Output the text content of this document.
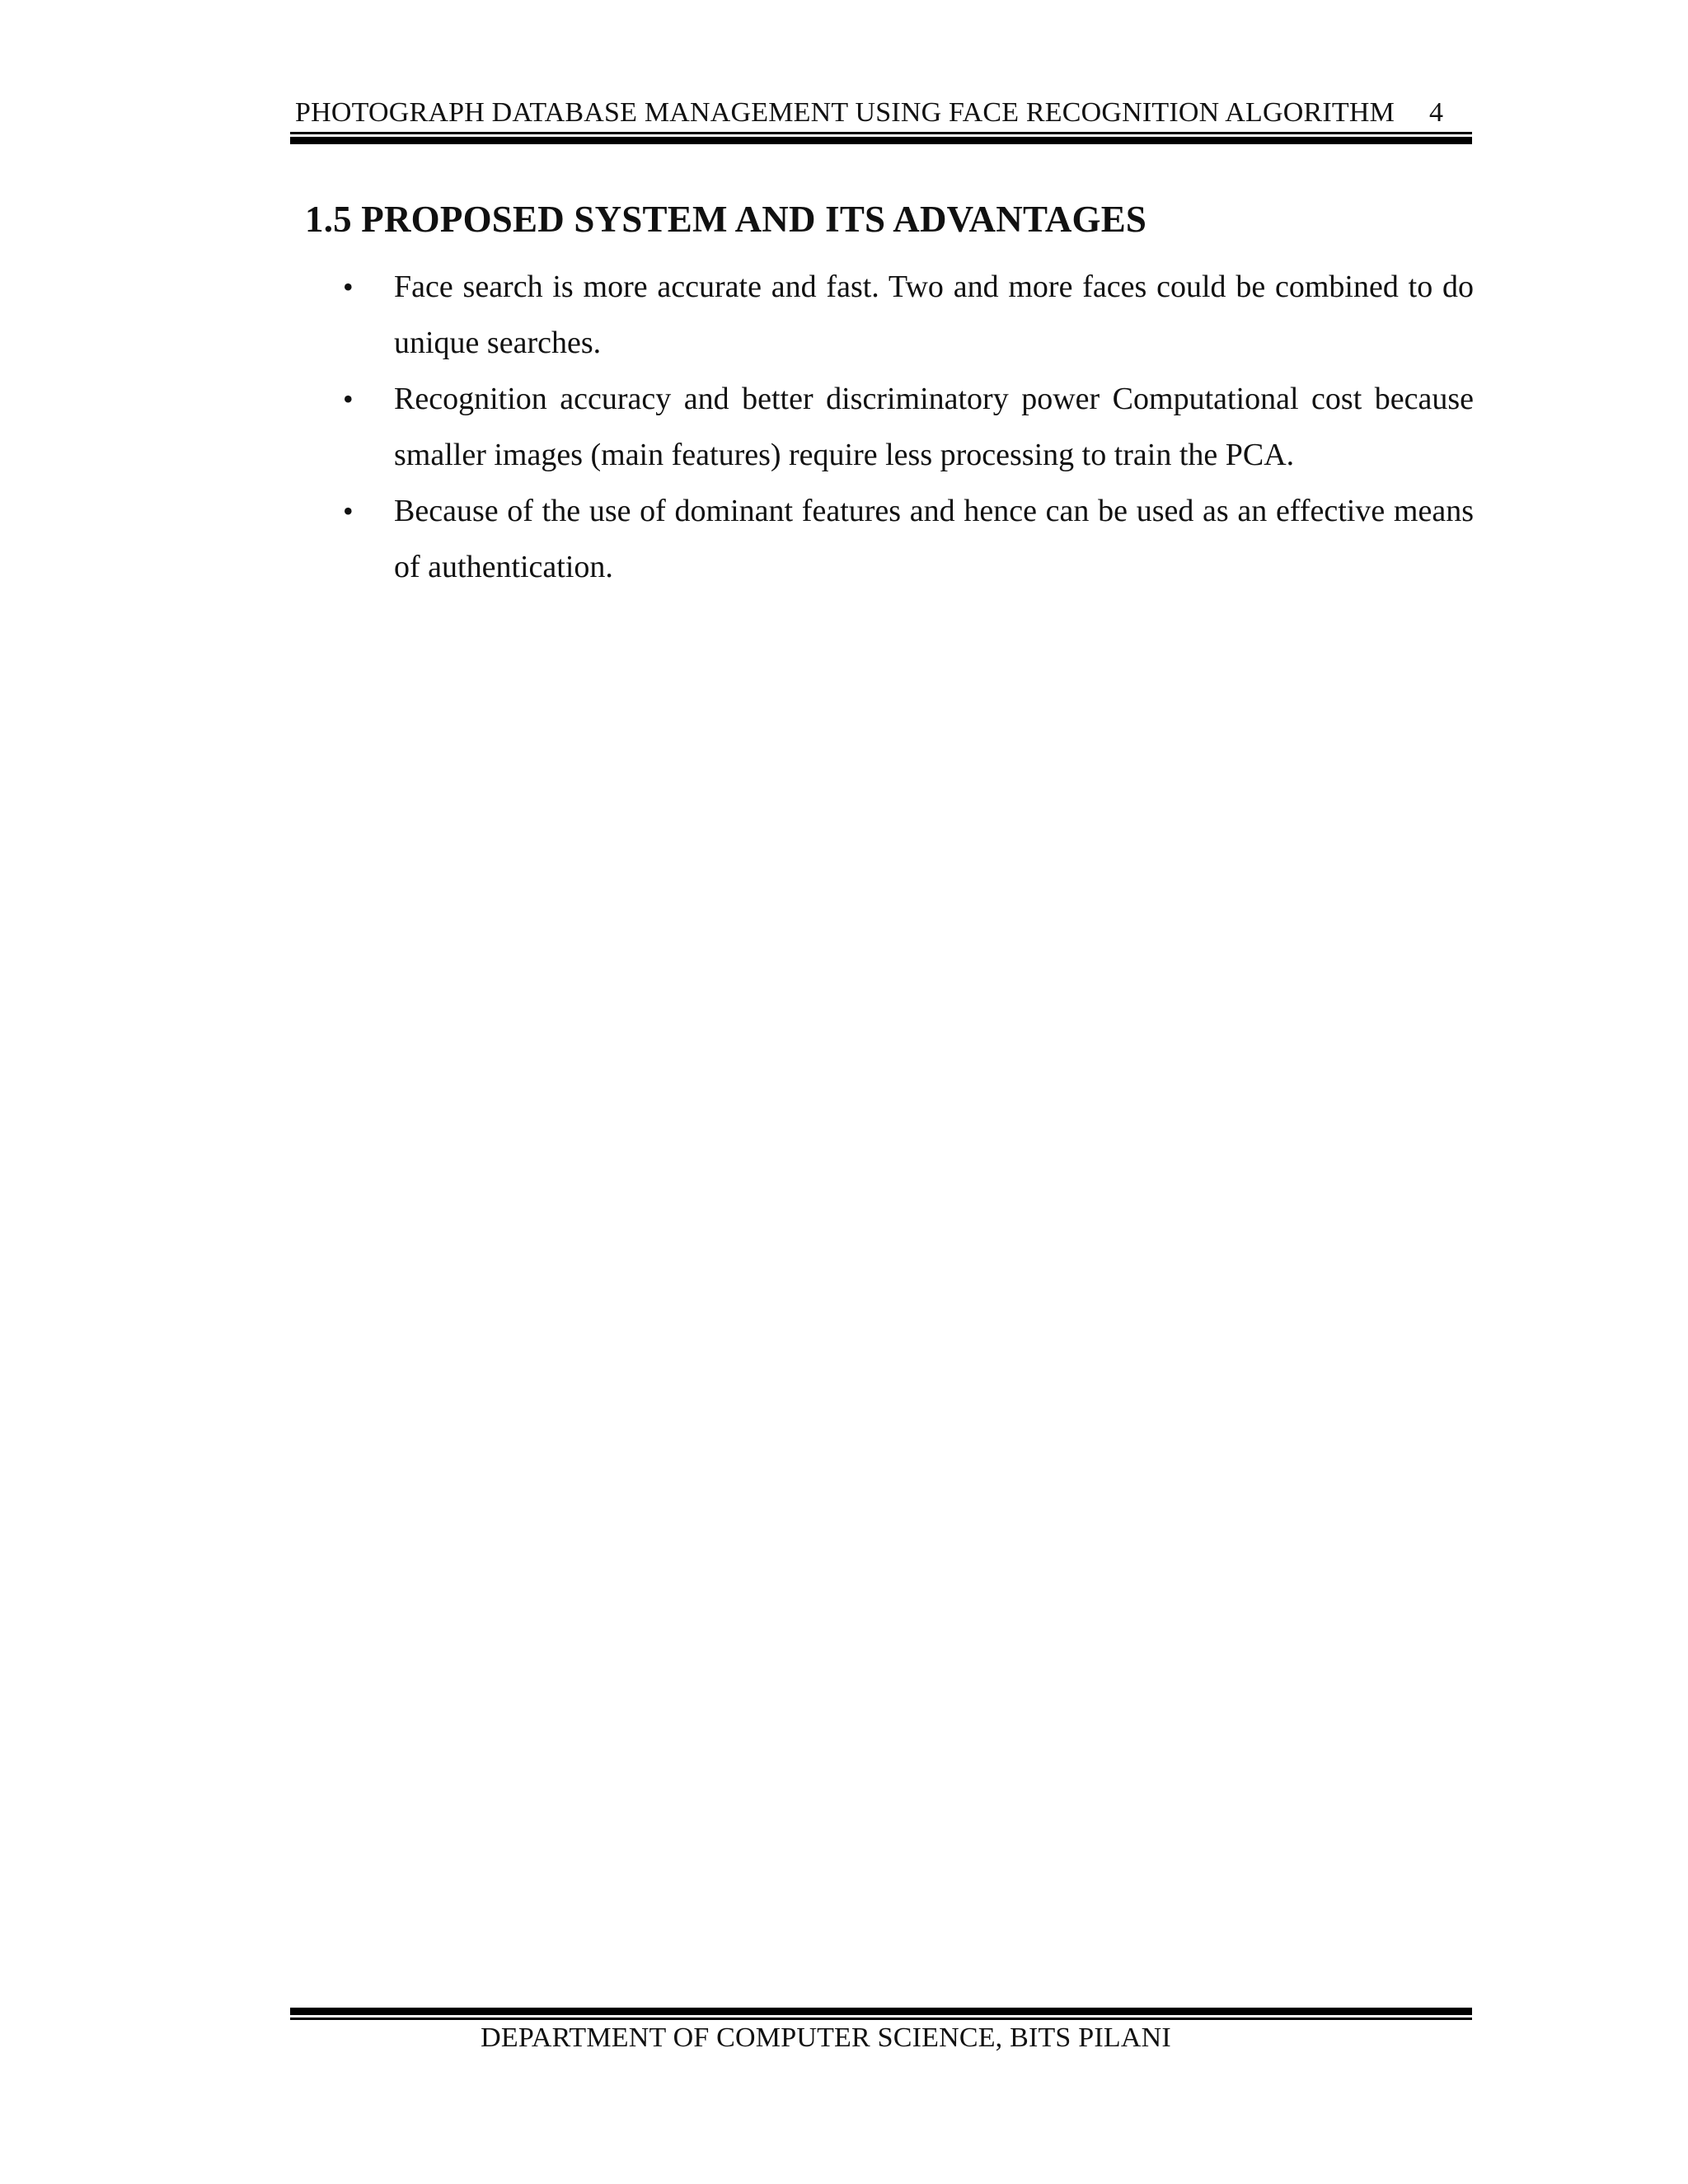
PHOTOGRAPH DATABASE MANAGEMENT USING FACE RECOGNITION ALGORITHM 4
1.5 PROPOSED SYSTEM AND ITS ADVANTAGES
• Face search is more accurate and fast. Two and more faces could be combined to do unique searches.
• Recognition accuracy and better discriminatory power Computational cost because smaller images (main features) require less processing to train the PCA.
• Because of the use of dominant features and hence can be used as an effective means of authentication.
DEPARTMENT OF COMPUTER SCIENCE, BITS PILANI
